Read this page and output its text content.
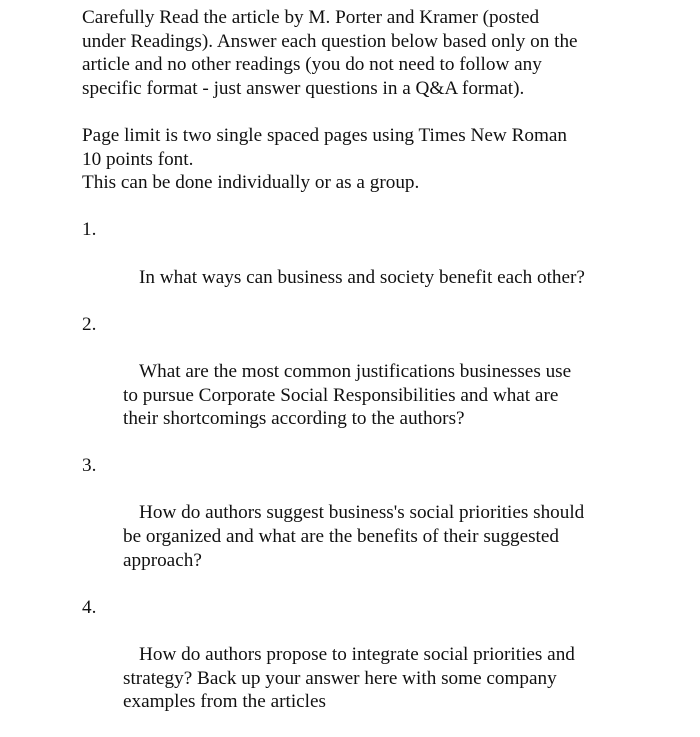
Carefully Read the article by M. Porter and Kramer (posted
under Readings). Answer each question below based only on the
article and no other readings (you do not need to follow any
specific format - just answer questions in a Q&A format).

Page limit is two single spaced pages using Times New Roman
10 points font.
This can be done individually or as a group.

1.

In what ways can business and society benefit each other?

2.

What are the most common justifications businesses use
to pursue Corporate Social Responsibilities and what are
their shortcomings according to the authors?

3.

How do authors suggest business's social priorities should
be organized and what are the benefits of their suggested
approach?

4.

How do authors propose to integrate social priorities and
strategy? Back up your answer here with some company
examples from the articles
